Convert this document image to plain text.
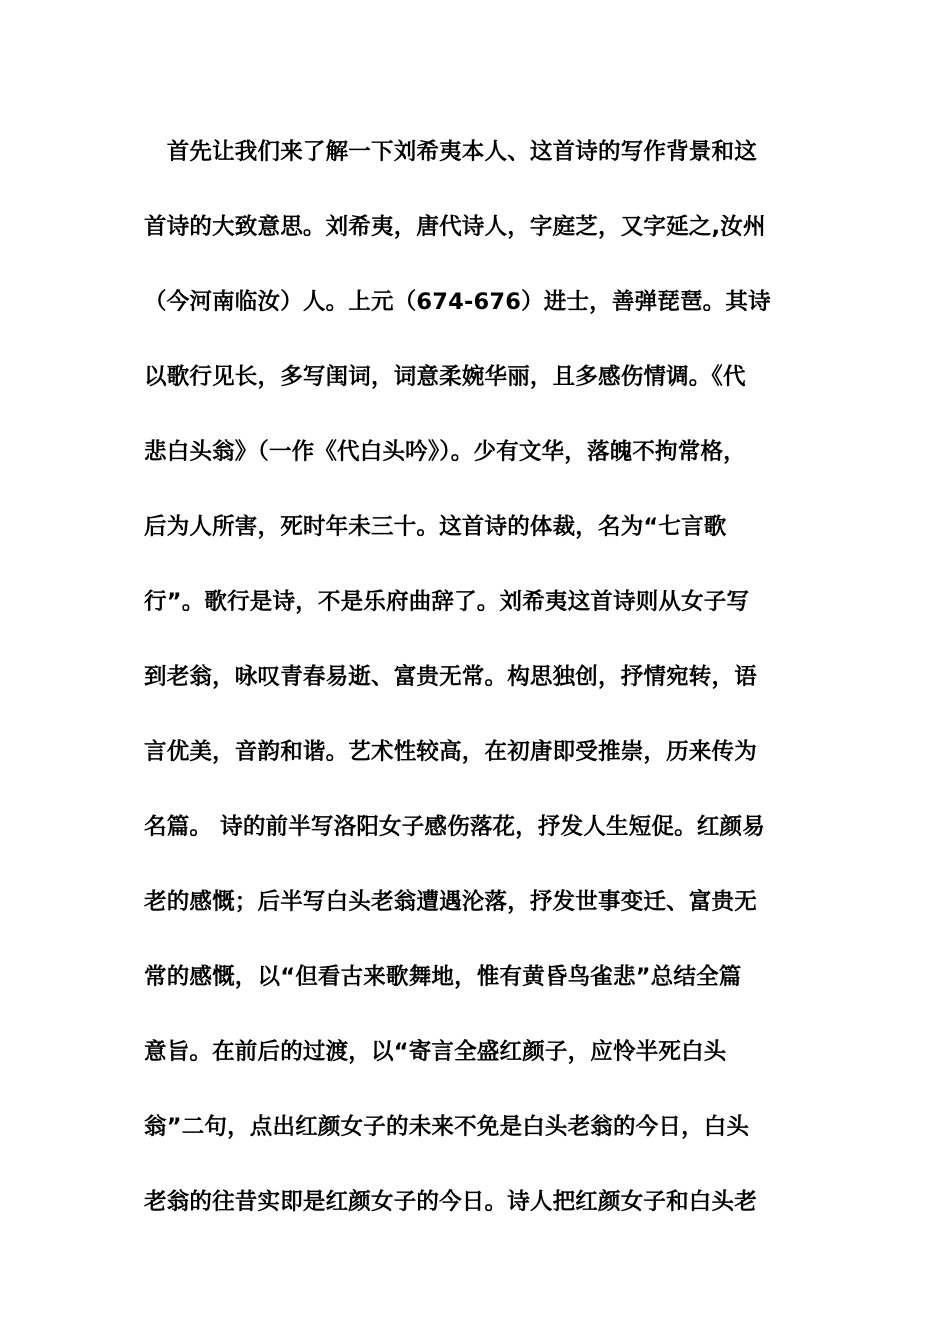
　首先让我们来了解一下刘希夷本人、这首诗的写作背景和这
首诗的大致意思。刘希夷，唐代诗人，字庭芝，又字延之,汝州
（今河南临汝）人。上元（674-676）进士，善弹琵琶。其诗
以歌行见长，多写闺词，词意柔婉华丽，且多感伤情调。《代
悲白头翁》（一作《代白头吟》）。少有文华，落魄不拘常格，
后为人所害，死时年未三十。这首诗的体裁，名为“七言歌
行”。歌行是诗，不是乐府曲辞了。刘希夷这首诗则从女子写
到老翁，咏叹青春易逝、富贵无常。构思独创，抒情宛转，语
言优美，音韵和谐。艺术性较高，在初唐即受推崇，历来传为
名篇。 诗的前半写洛阳女子感伤落花，抒发人生短促。红颜易
老的感慨；后半写白头老翁遭遇沦落，抒发世事变迁、富贵无
常的感慨，以“但看古来歌舞地，惟有黄昏鸟雀悲”总结全篇
意旨。在前后的过渡，以“寄言全盛红颜子，应怜半死白头
翁”二句，点出红颜女子的未来不免是白头老翁的今日，白头
老翁的往昔实即是红颜女子的今日。诗人把红颜女子和白头老
